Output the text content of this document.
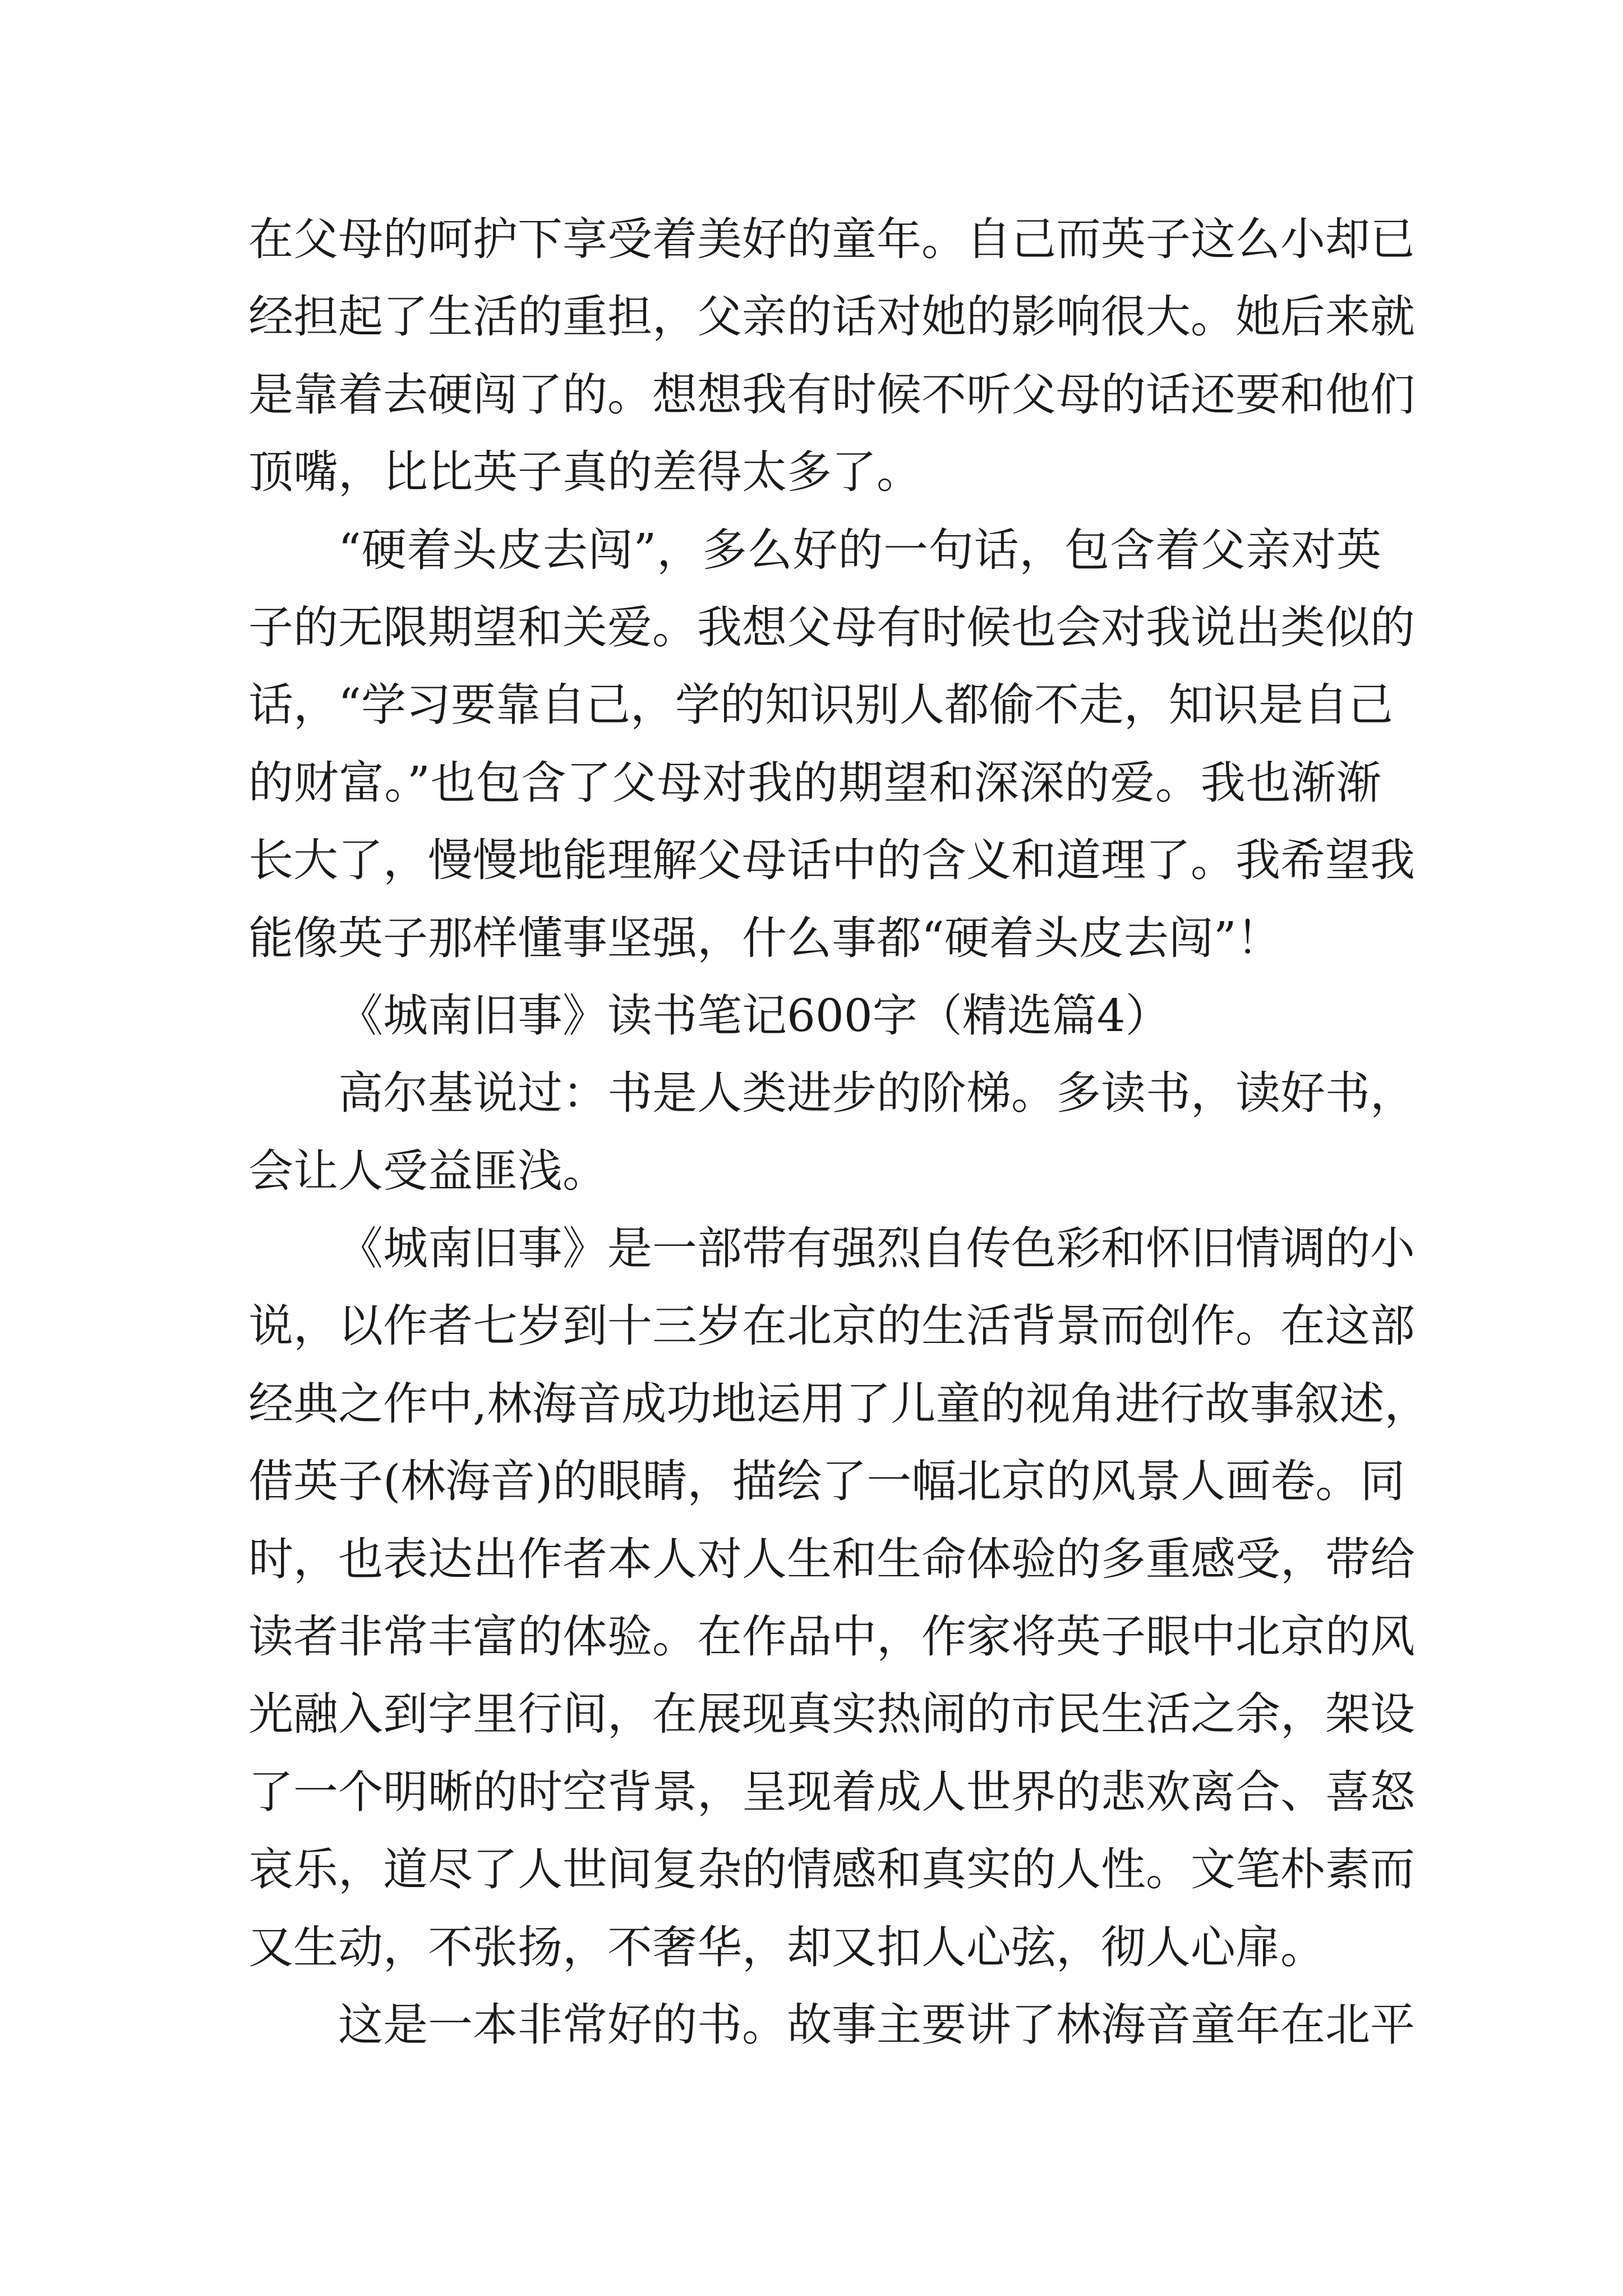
在父母的呵护下享受着美好的童年。自己而英子这么小却已
经担起了生活的重担，父亲的话对她的影响很大。她后来就
是靠着去硬闯了的。想想我有时候不听父母的话还要和他们
顶嘴，比比英子真的差得太多了。
“硬着头皮去闯”，多么好的一句话，包含着父亲对英
子的无限期望和关爱。我想父母有时候也会对我说出类似的
话，“学习要靠自己，学的知识别人都偷不走，知识是自己
的财富。”也包含了父母对我的期望和深深的爱。我也渐渐
长大了，慢慢地能理解父母话中的含义和道理了。我希望我
能像英子那样懂事坚强，什么事都“硬着头皮去闯”！
《城南旧事》读书笔记600字（精选篇4）
高尔基说过：书是人类进步的阶梯。多读书，读好书，
会让人受益匪浅。
《城南旧事》是一部带有强烈自传色彩和怀旧情调的小
说，以作者七岁到十三岁在北京的生活背景而创作。在这部
经典之作中,林海音成功地运用了儿童的视角进行故事叙述，
借英子(林海音)的眼睛，描绘了一幅北京的风景人画卷。同
时，也表达出作者本人对人生和生命体验的多重感受，带给
读者非常丰富的体验。在作品中，作家将英子眼中北京的风
光融入到字里行间，在展现真实热闹的市民生活之余，架设
了一个明晰的时空背景，呈现着成人世界的悲欢离合、喜怒
哀乐，道尽了人世间复杂的情感和真实的人性。文笔朴素而
又生动，不张扬，不奢华，却又扣人心弦，彻人心扉。
这是一本非常好的书。故事主要讲了林海音童年在北平
